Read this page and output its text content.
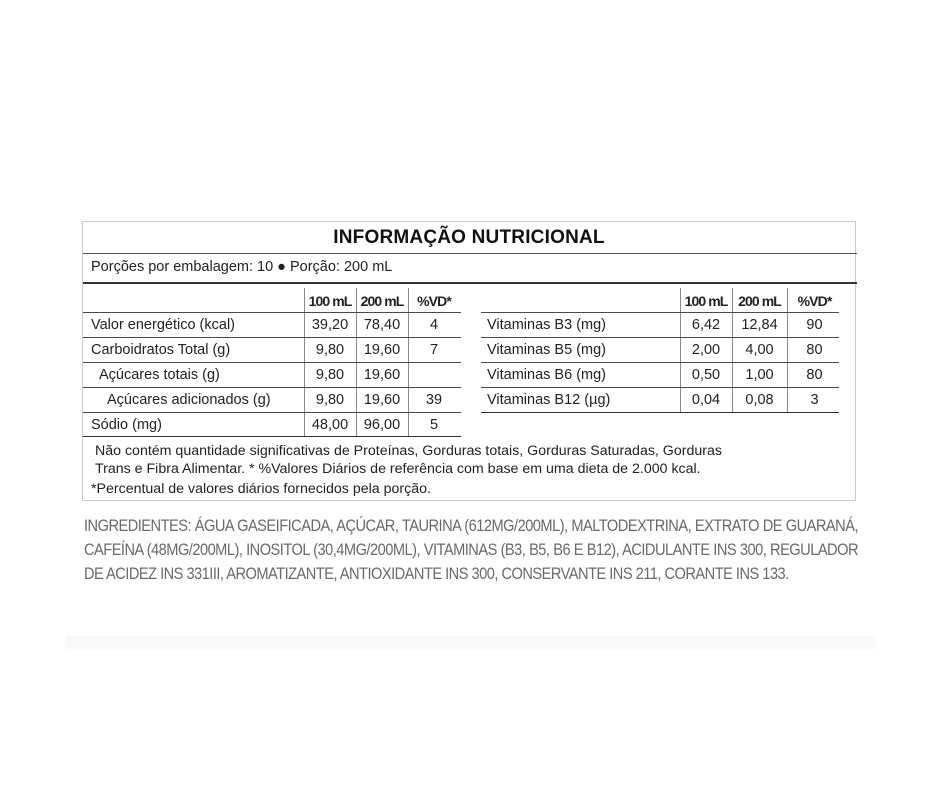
INFORMAÇÃO NUTRICIONAL
Porções por embalagem: 10 ● Porção: 200 mL
100 mL 200 mL %VD*
Valor energético (kcal)	39,20	78,40	4
Carboidratos Total (g)	9,80	19,60	7
Açúcares totais (g)	9,80	19,60
Açúcares adicionados (g)	9,80	19,60	39
Sódio (mg)	48,00	96,00	5
100 mL 200 mL	%VD*
Vitaminas B3 (mg)	6,42	12,84	90
Vitaminas B5 (mg)	2,00	4,00	80
Vitaminas B6 (mg)	0,50	1,00	80
Vitaminas B12 (µg)	0,04	0,08	3
Não contém quantidade significativas de Proteínas, Gorduras totais, Gorduras Saturadas, Gorduras
Trans e Fibra Alimentar. * %Valores Diários de referência com base em uma dieta de 2.000 kcal.
*Percentual de valores diários fornecidos pela porção.
INGREDIENTES: ÁGUA GASEIFICADA, AÇÚCAR, TAURINA (612MG/200ML), MALTODEXTRINA, EXTRATO DE GUARANÁ, CAFEÍNA (48MG/200ML), INOSITOL (30,4MG/200ML), VITAMINAS (B3, B5, B6 E B12), ACIDULANTE INS 300, REGULADOR DE ACIDEZ INS 331III, AROMATIZANTE, ANTIOXIDANTE INS 300, CONSERVANTE INS 211, CORANTE INS 133.
